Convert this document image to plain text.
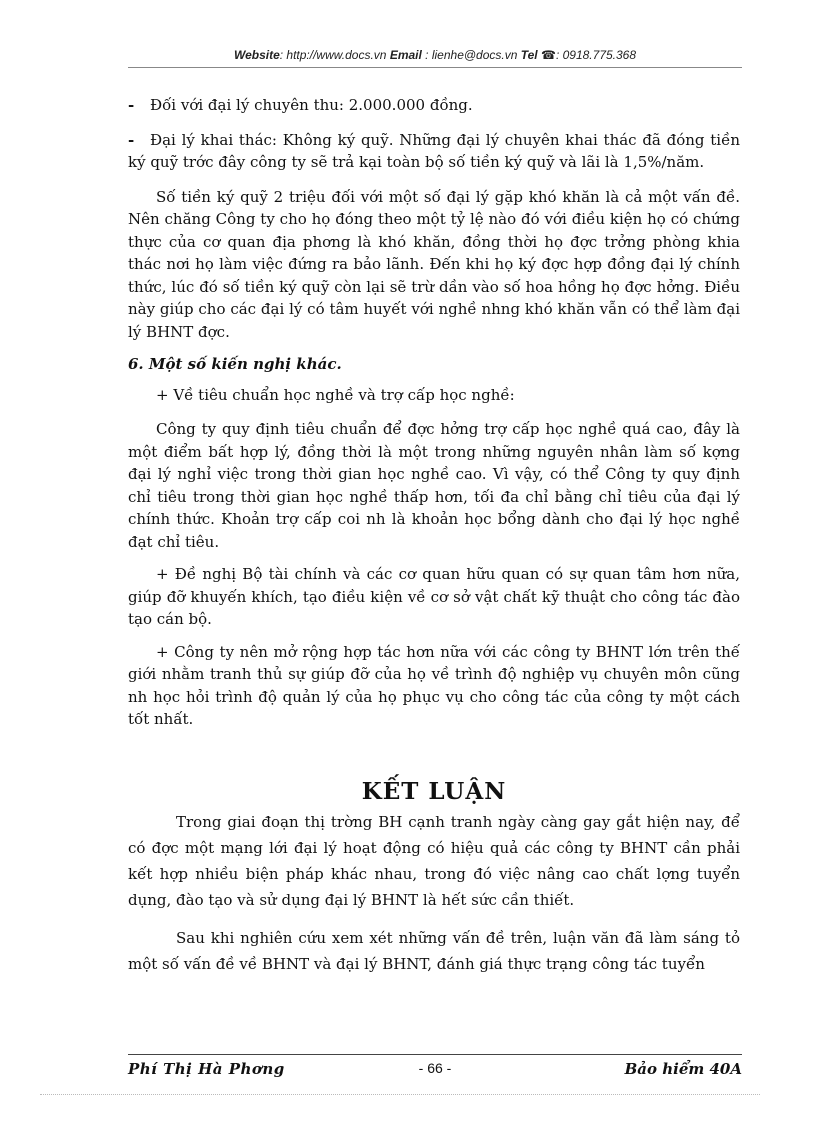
Website: http://www.docs.vn Email : lienhe@docs.vn Tel ☎: 0918.775.368

- Đối với đại lý chuyên thu: 2.000.000 đồng.

- Đại lý khai thác: Không ký quỹ. Những đại lý chuyên khai thác đã đóng tiền ký quỹ trớc đây công ty sẽ trả kại toàn bộ số tiền ký quỹ và lãi là 1,5%/năm.

Số tiền ký quỹ 2 triệu đối với một số đại lý gặp khó khăn là cả một vấn đề. Nên chăng Công ty cho họ đóng theo một tỷ lệ nào đó với điều kiện họ có chứng thực của cơ quan địa phơng là khó khăn, đồng thời họ đợc trởng phòng khia thác nơi họ làm việc đứng ra bảo lãnh. Đến khi họ ký đợc hợp đồng đại lý chính thức, lúc đó số tiền ký quỹ còn lại sẽ trừ dần vào số hoa hồng họ đợc hởng. Điều này giúp cho các đại lý có tâm huyết với nghề nhng khó khăn vẫn có thể làm đại lý BHNT đợc.

6. Một số kiến nghị khác.

+ Về tiêu chuẩn học nghề và trợ cấp học nghề:

Công ty quy định tiêu chuẩn để đợc hởng trợ cấp học nghề quá cao, đây là một điểm bất hợp lý, đồng thời là một trong những nguyên nhân làm số kợng đại lý nghỉ việc trong thời gian học nghề cao. Vì vậy, có thể Công ty quy định chỉ tiêu trong thời gian học nghề thấp hơn, tối đa chỉ bằng chỉ tiêu của đại lý chính thức. Khoản trợ cấp coi nh là khoản học bổng dành cho đại lý học nghề đạt chỉ tiêu.

+ Đề nghị Bộ tài chính và các cơ quan hữu quan có sự quan tâm hơn nữa, giúp đỡ khuyến khích, tạo điều kiện về cơ sở vật chất kỹ thuật cho công tác đào tạo cán bộ.

+ Công ty nên mở rộng hợp tác hơn nữa với các công ty BHNT lớn trên thế giới nhằm tranh thủ sự giúp đỡ của họ về trình độ nghiệp vụ chuyên môn cũng nh học hỏi trình độ quản lý của họ phục vụ cho công tác của công ty một cách tốt nhất.

KẾT LUẬN

Trong giai đoạn thị trờng BH cạnh tranh ngày càng gay gắt hiện nay, để có đợc một mạng lới đại lý hoạt động có hiệu quả các công ty BHNT cần phải kết hợp nhiều biện pháp khác nhau, trong đó việc nâng cao chất lợng tuyển dụng, đào tạo và sử dụng đại lý BHNT là hết sức cần thiết.

Sau khi nghiên cứu xem xét những vấn đề trên, luận văn đã làm sáng tỏ một số vấn đề về BHNT và đại lý BHNT, đánh giá thực trạng công tác tuyển

Phí Thị Hà Phơng	- 66 -	Bảo hiểm 40A
